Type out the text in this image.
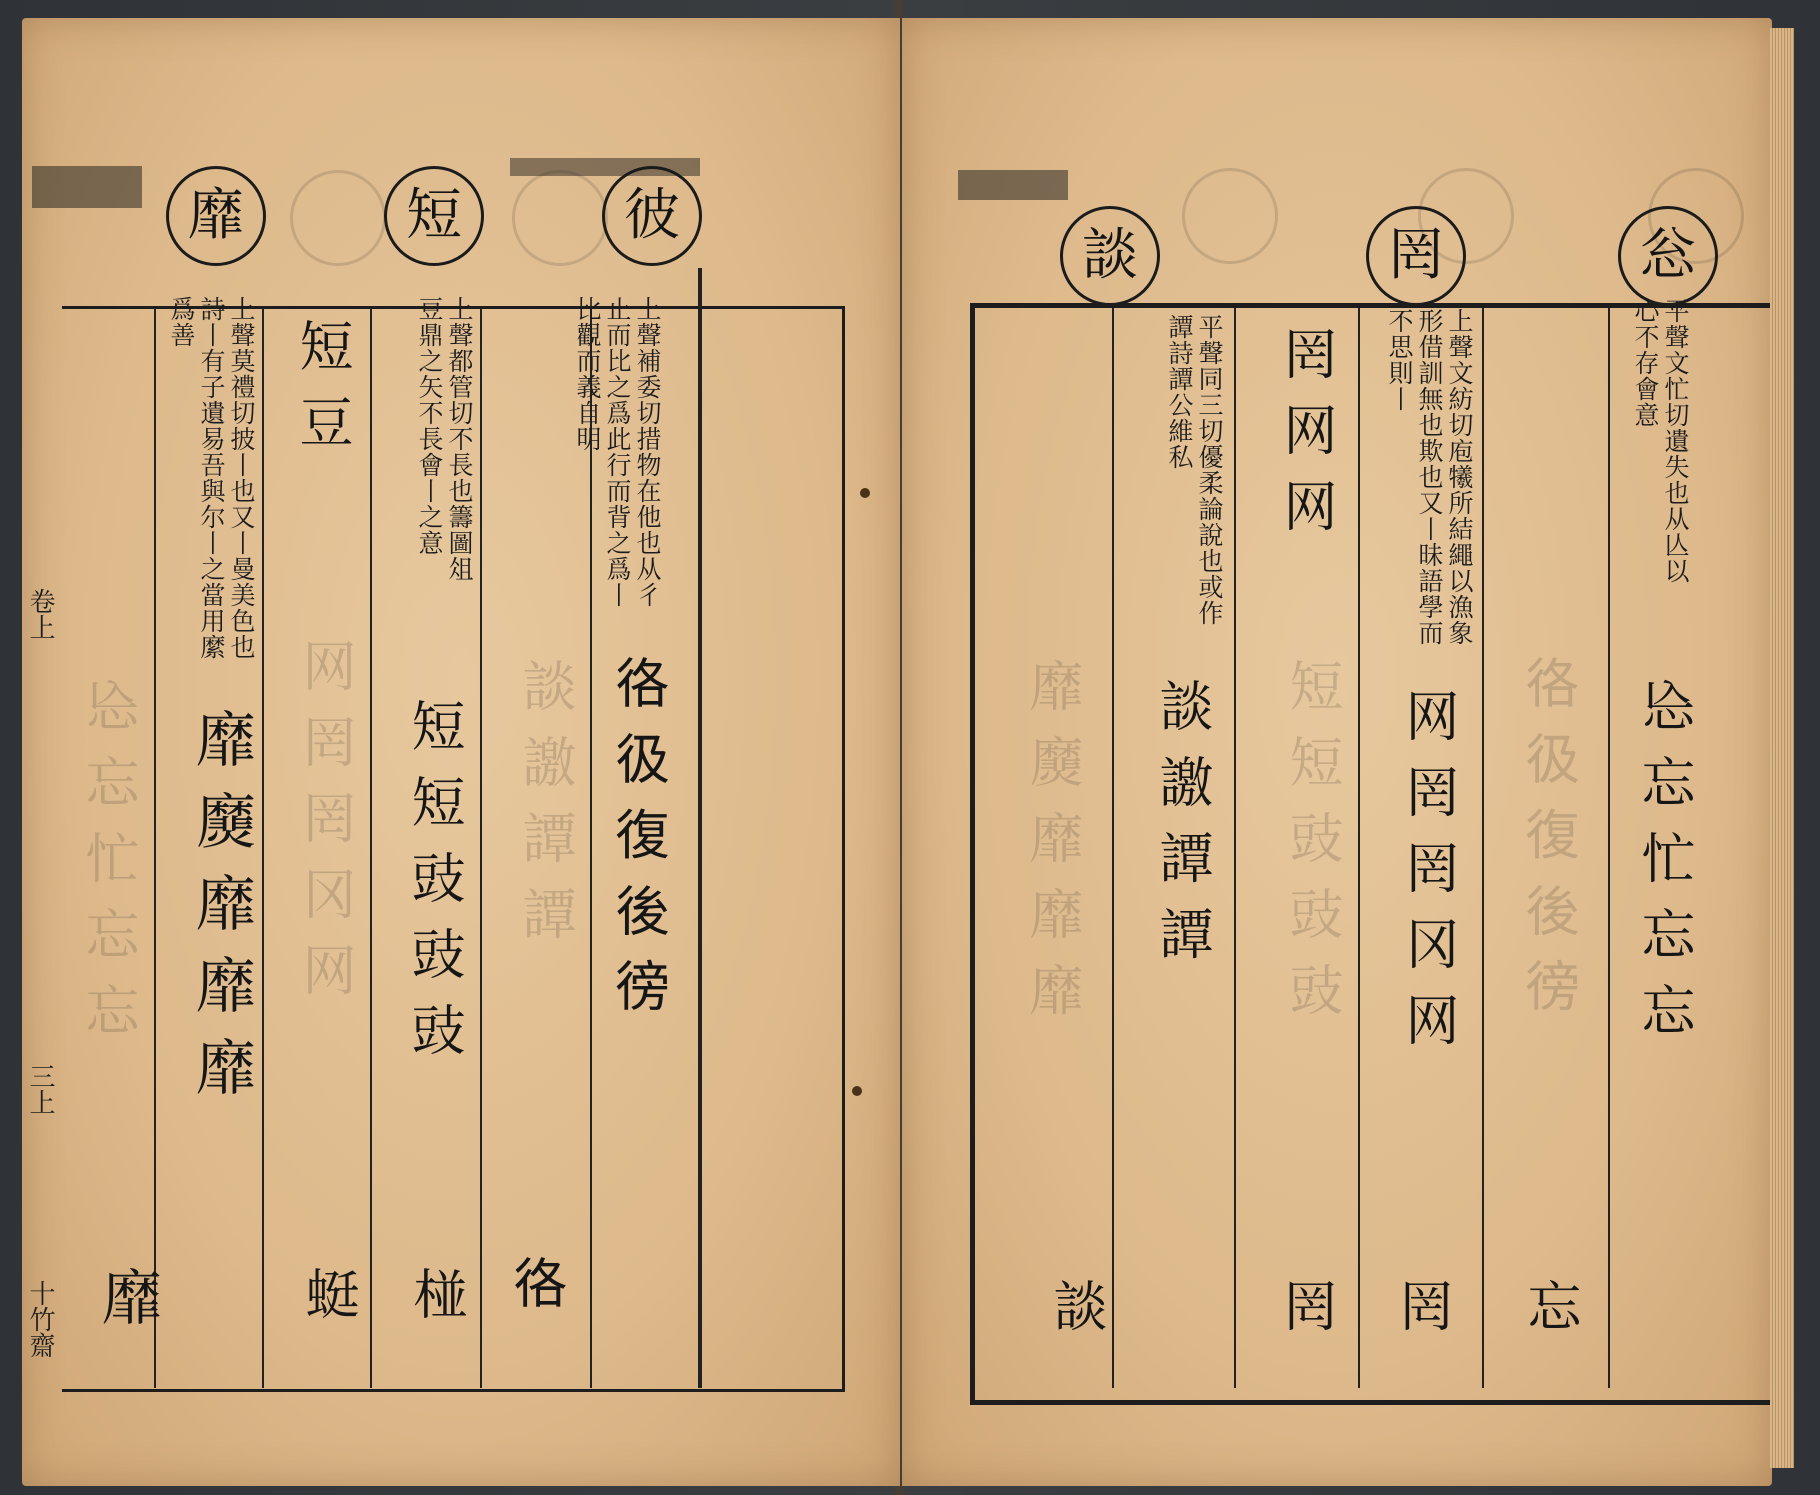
靡	短	彼
㤀忘忙忘忘	网罔罔冈网	談譤譚譚
上聲補委切措物在他也从彳止而比之爲此行而背之爲丨比觀而義自明
𢓜彶復後徬
𢓜
上聲都管切不長也籌圖俎豆鼎之矢不長會丨之意
短短豉豉豉
椪
短豆
蜓
上聲莫禮切披丨也又丨曼美色也詩丨有子遺易吾與尔丨之當用縻爲善
靡㸏靡靡靡
靡
卷上
三上
十竹齋
談	罔	忩
靡㸏靡靡靡	短短豉豉豉	𢓜彶復後徬
平聲文忙切遺失也从亾以心不存會意
㤀忘忙忘忘
忘
上聲文紡切庖犧所結繩以漁象形借訓無也欺也又丨昧語學而不思則丨
网罔罔冈网
罔
罔网网
罔
平聲同三切優柔論說也或作譚詩譚公維私
談譤譚譚
談
